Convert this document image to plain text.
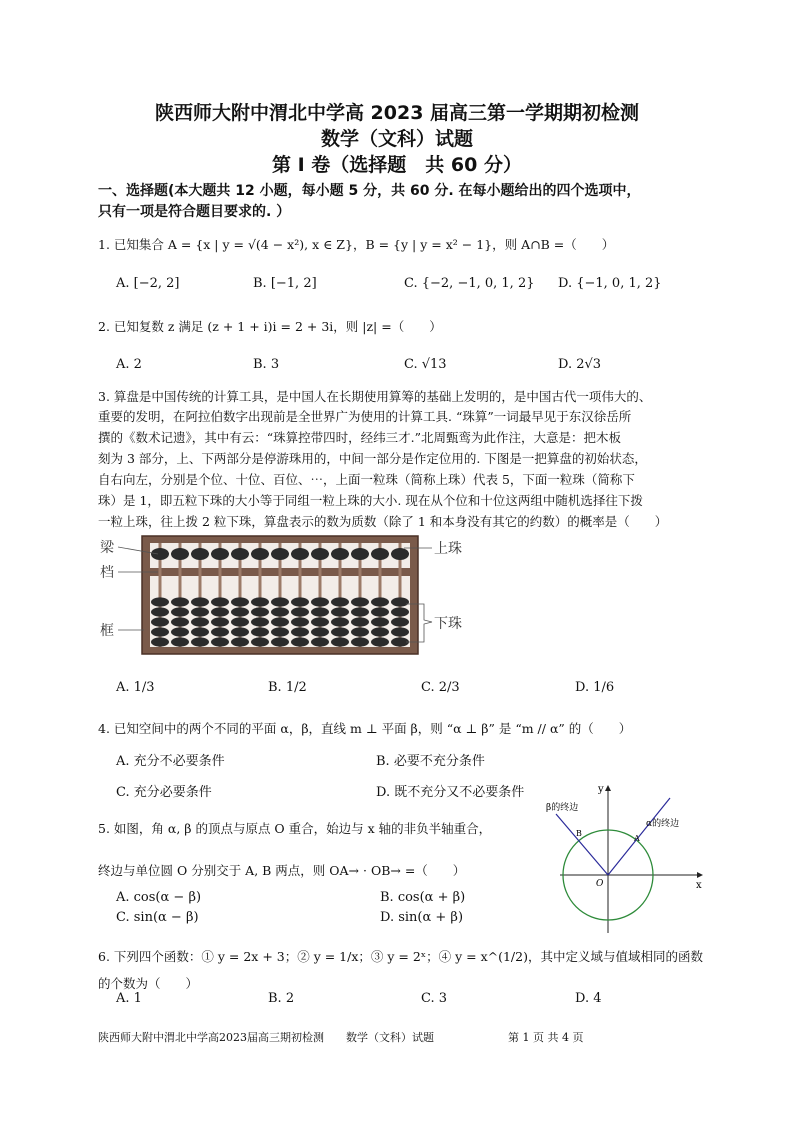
陕西师大附中渭北中学高 2023 届高三第一学期期初检测
数学（文科）试题
第 Ⅰ 卷（选择题　共 60 分）
一、选择题(本大题共 12 小题，每小题 5 分，共 60 分. 在每小题给出的四个选项中，
只有一项是符合题目要求的. ）
1. 已知集合 A = {x | y = √(4 − x²), x ∈ Z}，B = {y | y = x² − 1}，则 A∩B =（　　）
A. [−2, 2]	B. [−1, 2]	C. {−2, −1, 0, 1, 2} D. {−1, 0, 1, 2}
2. 已知复数 z 满足 (z + 1 + i)i = 2 + 3i，则 |z| =（　　）
A. 2	B. 3	C. √13	D. 2√3
3. 算盘是中国传统的计算工具，是中国人在长期使用算筹的基础上发明的，是中国古代一项伟大的、
重要的发明，在阿拉伯数字出现前是全世界广为使用的计算工具. “珠算”一词最早见于东汉徐岳所
撰的《数术记遗》，其中有云：“珠算控带四时，经纬三才.”北周甄鸾为此作注，大意是：把木板
刻为 3 部分，上、下两部分是停游珠用的，中间一部分是作定位用的. 下图是一把算盘的初始状态，
自右向左，分别是个位、十位、百位、⋯，上面一粒珠（简称上珠）代表 5，下面一粒珠（简称下
珠）是 1，即五粒下珠的大小等于同组一粒上珠的大小. 现在从个位和十位这两组中随机选择往下拨
一粒上珠，往上拨 2 粒下珠，算盘表示的数为质数（除了 1 和本身没有其它的约数）的概率是（　　）
梁
档
框
上珠
下珠
A. 1/3	B. 1/2	C. 2/3	D. 1/6
4. 已知空间中的两个不同的平面 α，β，直线 m ⊥ 平面 β，则 “α ⊥ β” 是 “m // α” 的（　　）
A. 充分不必要条件	B. 必要不充分条件
C. 充分必要条件	D. 既不充分又不必要条件
5. 如图，角 α, β 的顶点与原点 O 重合，始边与 x 轴的非负半轴重合，
终边与单位圆 O 分别交于 A, B 两点，则 OA→ · OB→ =（　　）
A. cos(α − β)	B. cos(α + β)
C. sin(α − β)	D. sin(α + β)
y
x
O
A
B
β的终边
α的终边
6. 下列四个函数：① y = 2x + 3；② y = 1/x；③ y = 2ˣ；④ y = x^(1/2)，其中定义域与值域相同的函数
的个数为（　　）
A. 1	B. 2	C. 3	D. 4
陕西师大附中渭北中学高2023届高三期初检测　　数学（文科）试题	第 1 页 共 4 页
